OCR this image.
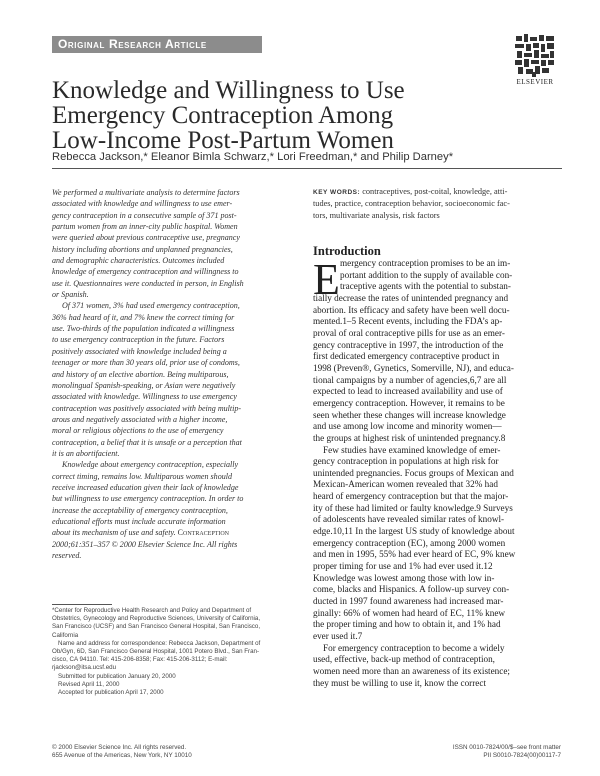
Original Research Article
ELSEVIER
Knowledge and Willingness to Use
Emergency Contraception Among
Low-Income Post-Partum Women
Rebecca Jackson,* Eleanor Bimla Schwarz,* Lori Freedman,* and Philip Darney*

We performed a multivariate analysis to determine factors
associated with knowledge and willingness to use emer-
gency contraception in a consecutive sample of 371 post-
partum women from an inner-city public hospital. Women
were queried about previous contraceptive use, pregnancy
history including abortions and unplanned pregnancies,
and demographic characteristics. Outcomes included
knowledge of emergency contraception and willingness to
use it. Questionnaires were conducted in person, in English
or Spanish.

Of 371 women, 3% had used emergency contraception,
36% had heard of it, and 7% knew the correct timing for
use. Two-thirds of the population indicated a willingness
to use emergency contraception in the future. Factors
positively associated with knowledge included being a
teenager or more than 30 years old, prior use of condoms,
and history of an elective abortion. Being multiparous,
monolingual Spanish-speaking, or Asian were negatively
associated with knowledge. Willingness to use emergency
contraception was positively associated with being multip-
arous and negatively associated with a higher income,
moral or religious objections to the use of emergency
contraception, a belief that it is unsafe or a perception that
it is an abortifacient.

Knowledge about emergency contraception, especially
correct timing, remains low. Multiparous women should
receive increased education given their lack of knowledge
but willingness to use emergency contraception. In order to
increase the acceptability of emergency contraception,
educational efforts must include accurate information
about its mechanism of use and safety. Contraception
2000;61:351–357 © 2000 Elsevier Science Inc. All rights
reserved.

*Center for Reproductive Health Research and Policy and Department of
Obstetrics, Gynecology and Reproductive Sciences, University of California,
San Francisco (UCSF) and San Francisco General Hospital, San Francisco,
California
Name and address for correspondence: Rebecca Jackson, Department of
Ob/Gyn, 6D, San Francisco General Hospital, 1001 Potero Blvd., San Fran-
cisco, CA 94110. Tel: 415-206-8358; Fax: 415-206-3112; E-mail:
rjackson@itsa.ucsf.edu
Submitted for publication January 20, 2000
Revised April 11, 2000
Accepted for publication April 17, 2000
KEY WORDS: contraceptives, post-coital, knowledge, atti-
tudes, practice, contraception behavior, socioeconomic fac-
tors, multivariate analysis, risk factors
Introduction
E mergency contraception promises to be an im-
portant addition to the supply of available con-
traceptive agents with the potential to substan-
tially decrease the rates of unintended pregnancy and
abortion. Its efficacy and safety have been well docu-
mented.1–5 Recent events, including the FDA’s ap-
proval of oral contraceptive pills for use as an emer-
gency contraceptive in 1997, the introduction of the
first dedicated emergency contraceptive product in
1998 (Preven®, Gynetics, Somerville, NJ), and educa-
tional campaigns by a number of agencies,6,7 are all
expected to lead to increased availability and use of
emergency contraception. However, it remains to be
seen whether these changes will increase knowledge
and use among low income and minority women—
the groups at highest risk of unintended pregnancy.8
Few studies have examined knowledge of emer-
gency contraception in populations at high risk for
unintended pregnancies. Focus groups of Mexican and
Mexican-American women revealed that 32% had
heard of emergency contraception but that the major-
ity of these had limited or faulty knowledge.9 Surveys
of adolescents have revealed similar rates of knowl-
edge.10,11 In the largest US study of knowledge about
emergency contraception (EC), among 2000 women
and men in 1995, 55% had ever heard of EC, 9% knew
proper timing for use and 1% had ever used it.12
Knowledge was lowest among those with low in-
come, blacks and Hispanics. A follow-up survey con-
ducted in 1997 found awareness had increased mar-
ginally: 66% of women had heard of EC, 11% knew
the proper timing and how to obtain it, and 1% had
ever used it.7
For emergency contraception to become a widely
used, effective, back-up method of contraception,
women need more than an awareness of its existence;
they must be willing to use it, know the correct
© 2000 Elsevier Science Inc. All rights reserved.
655 Avenue of the Americas, New York, NY 10010
ISSN 0010-7824/00/$–see front matter
PII S0010-7824(00)00117-7
